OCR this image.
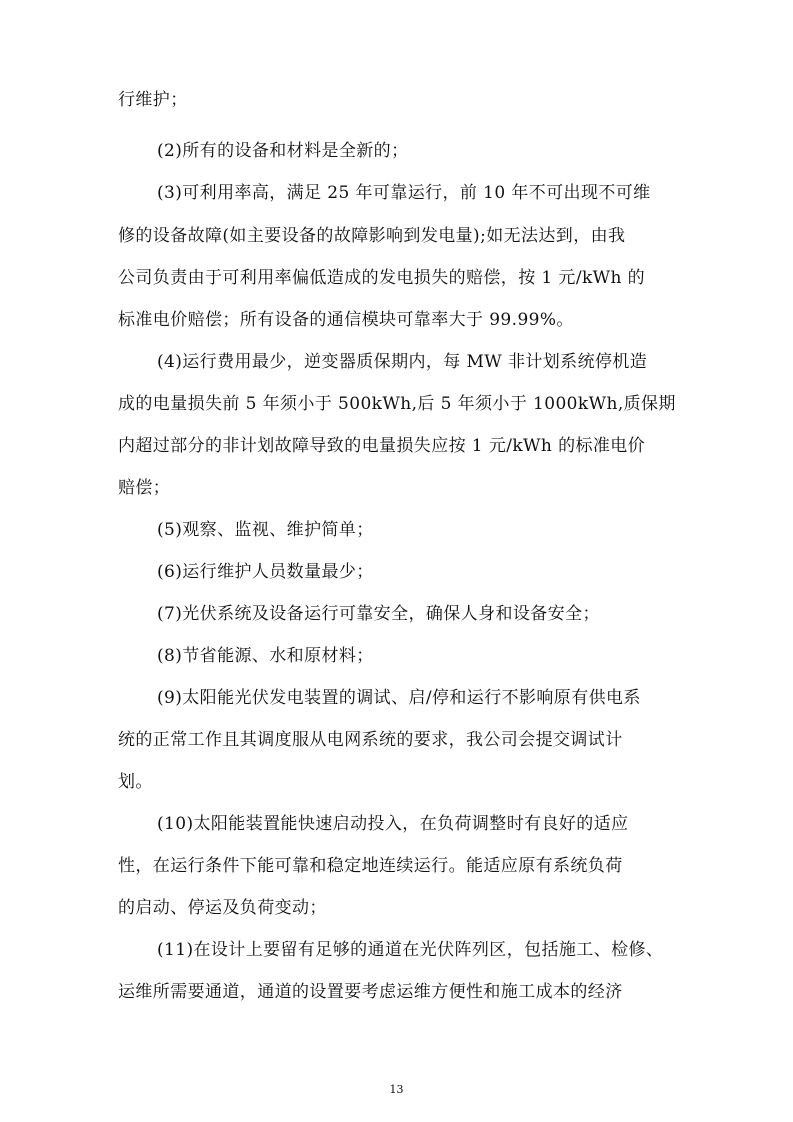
行维护；
(2)所有的设备和材料是全新的；
(3)可利用率高，满足 25 年可靠运行，前 10 年不可出现不可维
修的设备故障(如主要设备的故障影响到发电量);如无法达到，由我
公司负责由于可利用率偏低造成的发电损失的赔偿，按 1 元/kWh 的
标准电价赔偿；所有设备的通信模块可靠率大于 99.99%。
(4)运行费用最少，逆变器质保期内，每 MW 非计划系统停机造
成的电量损失前 5 年须小于 500kWh,后 5 年须小于 1000kWh,质保期
内超过部分的非计划故障导致的电量损失应按 1 元/kWh 的标准电价
赔偿；
(5)观察、监视、维护简单；
(6)运行维护人员数量最少；
(7)光伏系统及设备运行可靠安全，确保人身和设备安全；
(8)节省能源、水和原材料；
(9)太阳能光伏发电装置的调试、启/停和运行不影响原有供电系
统的正常工作且其调度服从电网系统的要求，我公司会提交调试计
划。
(10)太阳能装置能快速启动投入，在负荷调整时有良好的适应
性，在运行条件下能可靠和稳定地连续运行。能适应原有系统负荷
的启动、停运及负荷变动；
(11)在设计上要留有足够的通道在光伏阵列区，包括施工、检修、
运维所需要通道，通道的设置要考虑运维方便性和施工成本的经济
13
